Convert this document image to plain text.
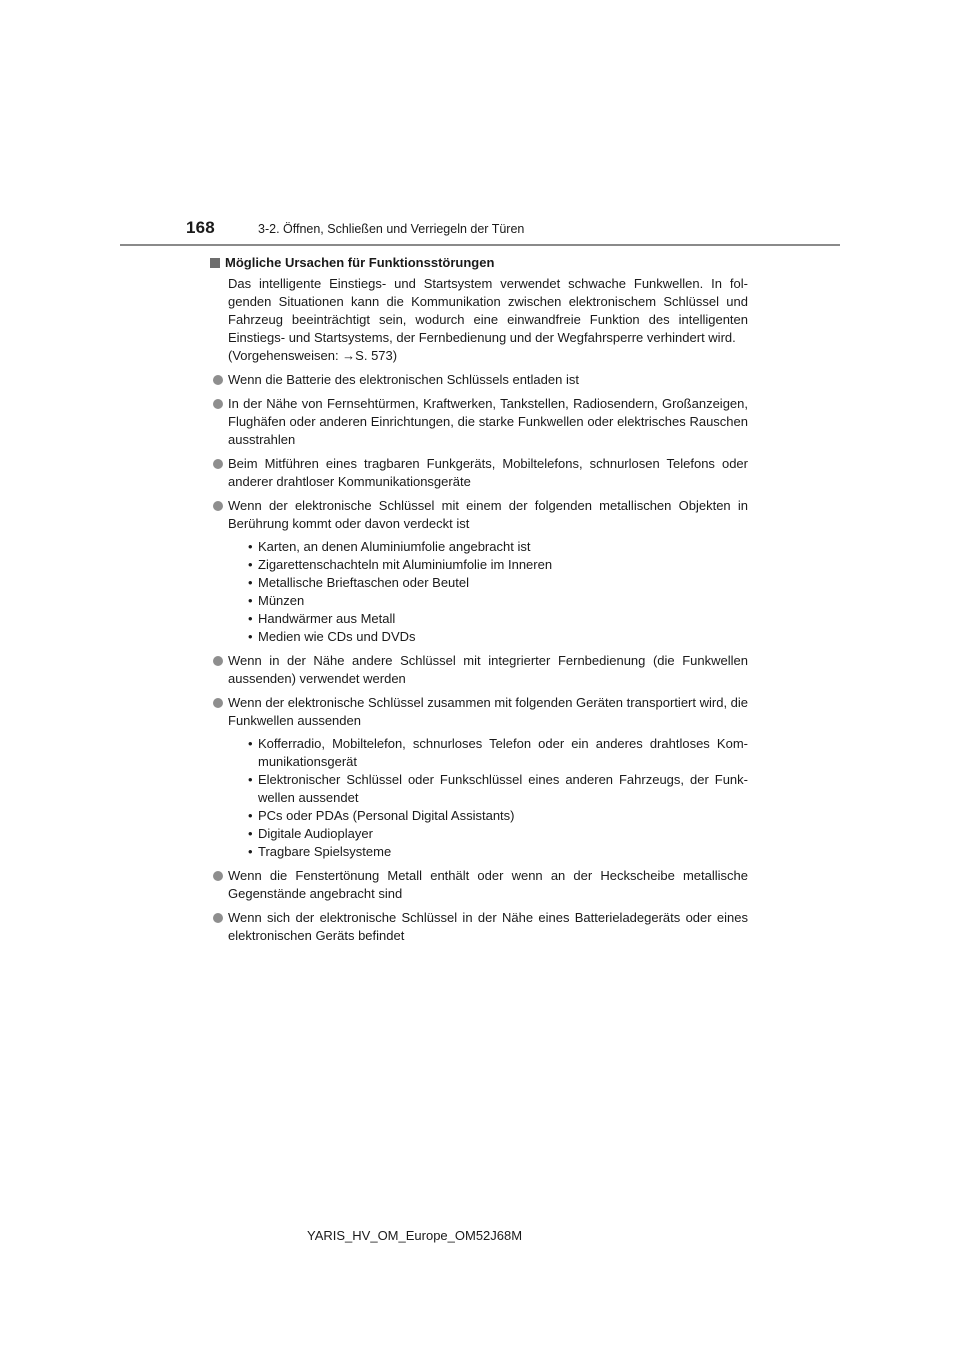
168	3-2. Öffnen, Schließen und Verriegeln der Türen
Mögliche Ursachen für Funktionsstörungen

Das intelligente Einstiegs- und Startsystem verwendet schwache Funkwellen. In folgenden Situationen kann die Kommunikation zwischen elektronischem Schlüssel und Fahrzeug beeinträchtigt sein, wodurch eine einwandfreie Funktion des intelligenten Einstiegs- und Startsystems, der Fernbedienung und der Wegfahrsperre verhindert wird.

(Vorgehensweisen: →S. 573)

Wenn die Batterie des elektronischen Schlüssels entladen ist
In der Nähe von Fernsehtürmen, Kraftwerken, Tankstellen, Radiosendern, Großanzeigen, Flughäfen oder anderen Einrichtungen, die starke Funkwellen oder elektrisches Rauschen ausstrahlen
Beim Mitführen eines tragbaren Funkgeräts, Mobiltelefons, schnurlosen Telefons oder anderer drahtloser Kommunikationsgeräte
Wenn der elektronische Schlüssel mit einem der folgenden metallischen Objekten in Berührung kommt oder davon verdeckt ist
• Karten, an denen Aluminiumfolie angebracht ist
• Zigarettenschachteln mit Aluminiumfolie im Inneren
• Metallische Brieftaschen oder Beutel
• Münzen
• Handwärmer aus Metall
• Medien wie CDs und DVDs
Wenn in der Nähe andere Schlüssel mit integrierter Fernbedienung (die Funkwellen aussenden) verwendet werden
Wenn der elektronische Schlüssel zusammen mit folgenden Geräten transportiert wird, die Funkwellen aussenden
• Kofferradio, Mobiltelefon, schnurloses Telefon oder ein anderes drahtloses Kommunikationsgerät
• Elektronischer Schlüssel oder Funkschlüssel eines anderen Fahrzeugs, der Funkwellen aussendet
• PCs oder PDAs (Personal Digital Assistants)
• Digitale Audioplayer
• Tragbare Spielsysteme
Wenn die Fenstertönung Metall enthält oder wenn an der Heckscheibe metallische Gegenstände angebracht sind
Wenn sich der elektronische Schlüssel in der Nähe eines Batterieladegeräts oder eines elektronischen Geräts befindet
YARIS_HV_OM_Europe_OM52J68M
